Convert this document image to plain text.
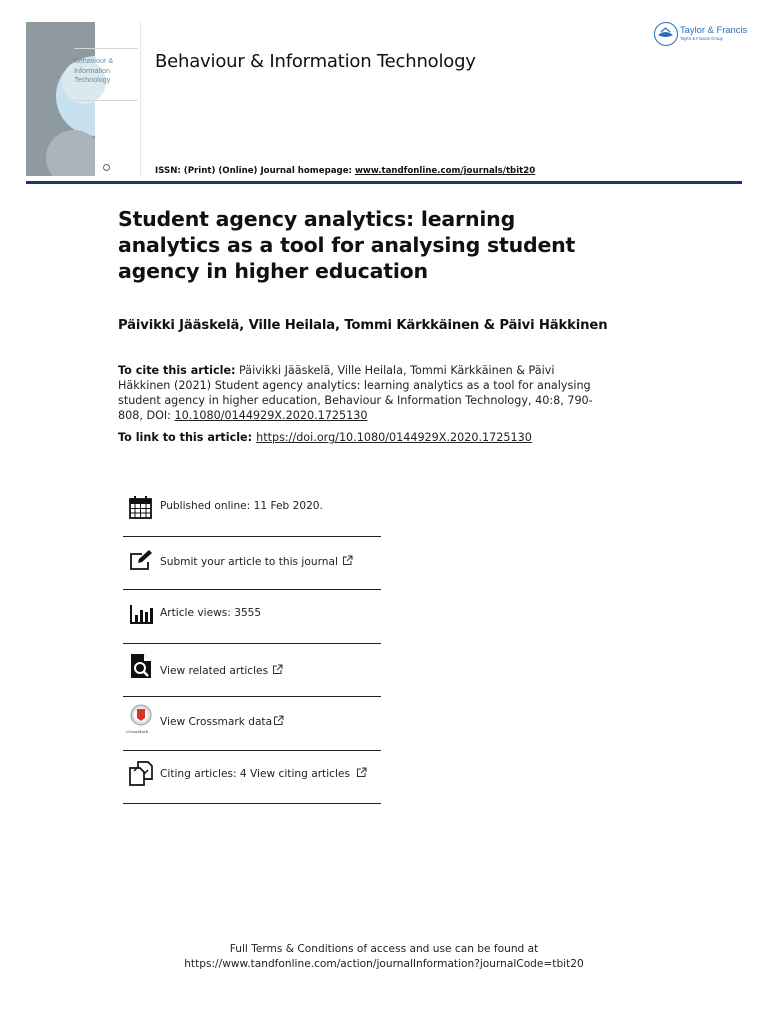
Behaviour &
Information
Technology
Behaviour & Information Technology
ISSN: (Print) (Online) Journal homepage: www.tandfonline.com/journals/tbit20
Taylor & Francis
Taylor & Francis Group
Student agency analytics: learning analytics as a tool for analysing student agency in higher education
Päivikki Jääskelä, Ville Heilala, Tommi Kärkkäinen & Päivi Häkkinen
To cite this article: Päivikki Jääskelä, Ville Heilala, Tommi Kärkkäinen & Päivi Häkkinen (2021) Student agency analytics: learning analytics as a tool for analysing student agency in higher education, Behaviour & Information Technology, 40:8, 790-808, DOI: 10.1080/0144929X.2020.1725130
To link to this article: https://doi.org/10.1080/0144929X.2020.1725130
Published online: 11 Feb 2020.
Submit your article to this journal
Article views: 3555
View related articles
CrossMark
View Crossmark data
Citing articles: 4 View citing articles
Full Terms & Conditions of access and use can be found at
https://www.tandfonline.com/action/journalInformation?journalCode=tbit20
